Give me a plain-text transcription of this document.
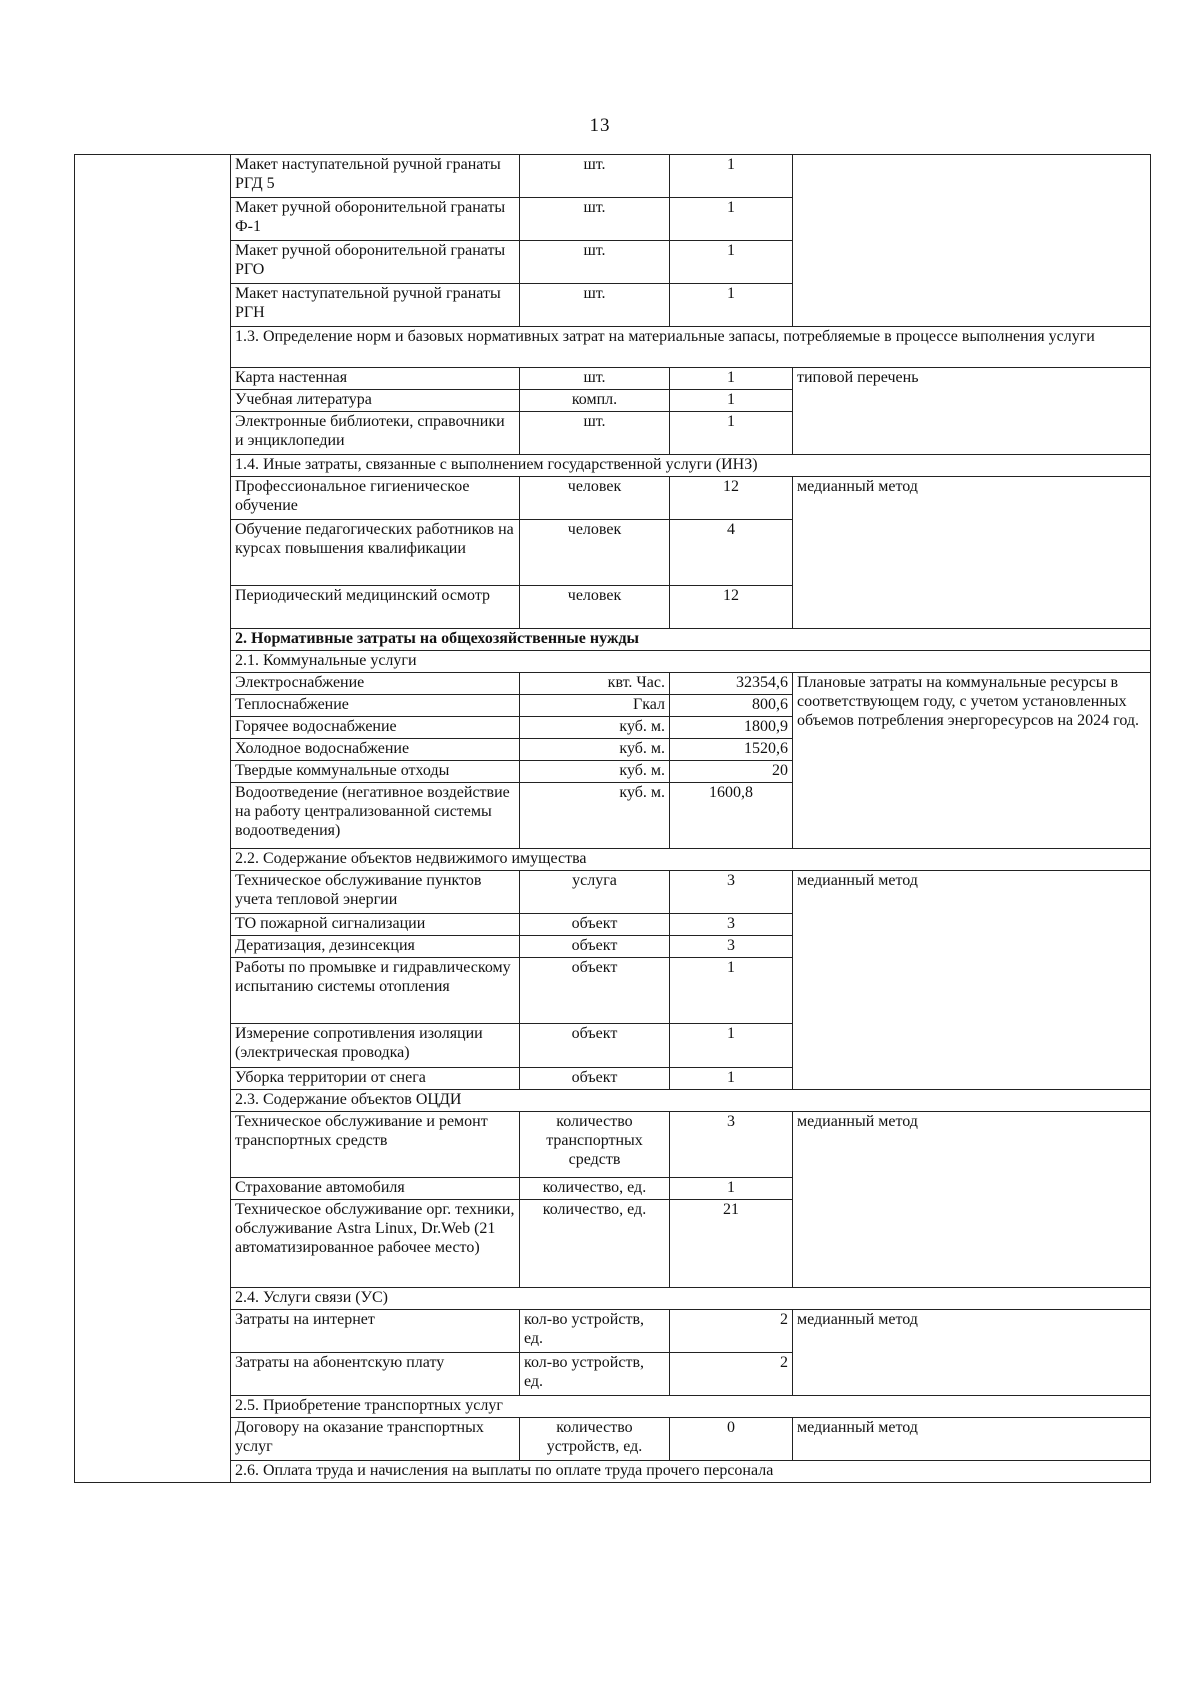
13
	Макет наступательной ручной гранаты РГД 5	шт.	1	
	Макет ручной оборонительной гранаты Ф-1	шт.	1	
	Макет ручной оборонительной гранаты РГО	шт.	1	
	Макет наступательной ручной гранаты РГН	шт.	1	
	1.3. Определение норм и базовых нормативных затрат на материальные запасы, потребляемые в процессе выполнения услуги			
	Карта настенная	шт.	1	типовой перечень
	Учебная литература	компл.	1	
	Электронные библиотеки, справочники и энциклопедии	шт.	1	
	1.4. Иные затраты, связанные с выполнением государственной услуги (ИНЗ)			
	Профессиональное гигиеническое обучение	человек	12	медианный метод
	Обучение педагогических работников на курсах повышения квалификации	человек	4	
	Периодический медицинский осмотр	человек	12	
	2. Нормативные затраты на общехозяйственные нужды			
	2.1. Коммунальные услуги			
	Электроснабжение	квт. Час.	32354,6	Плановые затраты на коммунальные ресурсы в соответствующем году, с учетом установленных объемов потребления энергоресурсов на 2024 год.
	Теплоснабжение	Гкал	800,6	
	Горячее водоснабжение	куб. м.	1800,9	
	Холодное водоснабжение	куб. м.	1520,6	
	Твердые коммунальные отходы	куб. м.	20	
	Водоотведение (негативное воздействие на работу централизованной системы водоотведения)	куб. м.	1600,8	
	2.2. Содержание объектов недвижимого имущества			
	Техническое обслуживание пунктов учета тепловой энергии	услуга	3	медианный метод
	ТО пожарной сигнализации	объект	3	
	Дератизация, дезинсекция	объект	3	
	Работы по промывке и гидравлическому испытанию системы отопления	объект	1	
	Измерение сопротивления изоляции (электрическая проводка)	объект	1	
	Уборка территории от снега	объект	1	
	2.3. Содержание объектов ОЦДИ			
	Техническое обслуживание и ремонт транспортных средств	количество транспортных средств	3	медианный метод
	Страхование автомобиля	количество, ед.	1	
	Техническое обслуживание орг. техники, обслуживание Astra Linux, Dr.Web (21 автоматизированное рабочее место)	количество, ед.	21	
	2.4. Услуги связи (УС)			
	Затраты на интернет	кол-во устройств, ед.	2	медианный метод
	Затраты на абонентскую плату	кол-во устройств, ед.	2	
	2.5. Приобретение транспортных услуг			
	Договору на оказание транспортных услуг	количество устройств, ед.	0	медианный метод
	2.6. Оплата труда и начисления на выплаты по оплате труда прочего персонала			
